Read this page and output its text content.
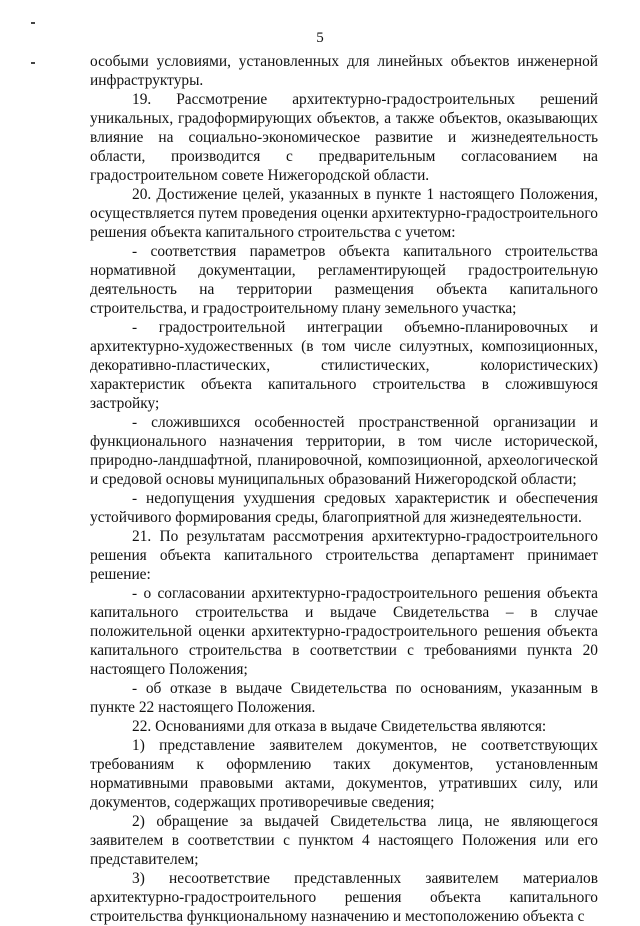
5

особыми условиями, установленных для линейных объектов инженерной инфраструктуры.

19. Рассмотрение архитектурно-градостроительных решений уникальных, градоформирующих объектов, а также объектов, оказывающих влияние на социально-экономическое развитие и жизнедеятельность области, производится с предварительным согласованием на градостроительном совете Нижегородской области.

20. Достижение целей, указанных в пункте 1 настоящего Положения, осуществляется путем проведения оценки архитектурно-градостроительного решения объекта капитального строительства с учетом:

- соответствия параметров объекта капитального строительства нормативной документации, регламентирующей градостроительную деятельность на территории размещения объекта капитального строительства, и градостроительному плану земельного участка;

- градостроительной интеграции объемно-планировочных и архитектурно-художественных (в том числе силуэтных, композиционных, декоративно-пластических, стилистических, колористических) характеристик объекта капитального строительства в сложившуюся застройку;

- сложившихся особенностей пространственной организации и функционального назначения территории, в том числе исторической, природно-ландшафтной, планировочной, композиционной, археологической и средовой основы муниципальных образований Нижегородской области;

- недопущения ухудшения средовых характеристик и обеспечения устойчивого формирования среды, благоприятной для жизнедеятельности.

21. По результатам рассмотрения архитектурно-градостроительного решения объекта капитального строительства департамент принимает решение:

- о согласовании архитектурно-градостроительного решения объекта капитального строительства и выдаче Свидетельства – в случае положительной оценки архитектурно-градостроительного решения объекта капитального строительства в соответствии с требованиями пункта 20 настоящего Положения;

- об отказе в выдаче Свидетельства по основаниям, указанным в пункте 22 настоящего Положения.

22. Основаниями для отказа в выдаче Свидетельства являются:

1) представление заявителем документов, не соответствующих требованиям к оформлению таких документов, установленным нормативными правовыми актами, документов, утративших силу, или документов, содержащих противоречивые сведения;

2) обращение за выдачей Свидетельства лица, не являющегося заявителем в соответствии с пунктом 4 настоящего Положения или его представителем;

3) несоответствие представленных заявителем материалов архитектурно-градостроительного решения объекта капитального строительства функциональному назначению и местоположению объекта с
